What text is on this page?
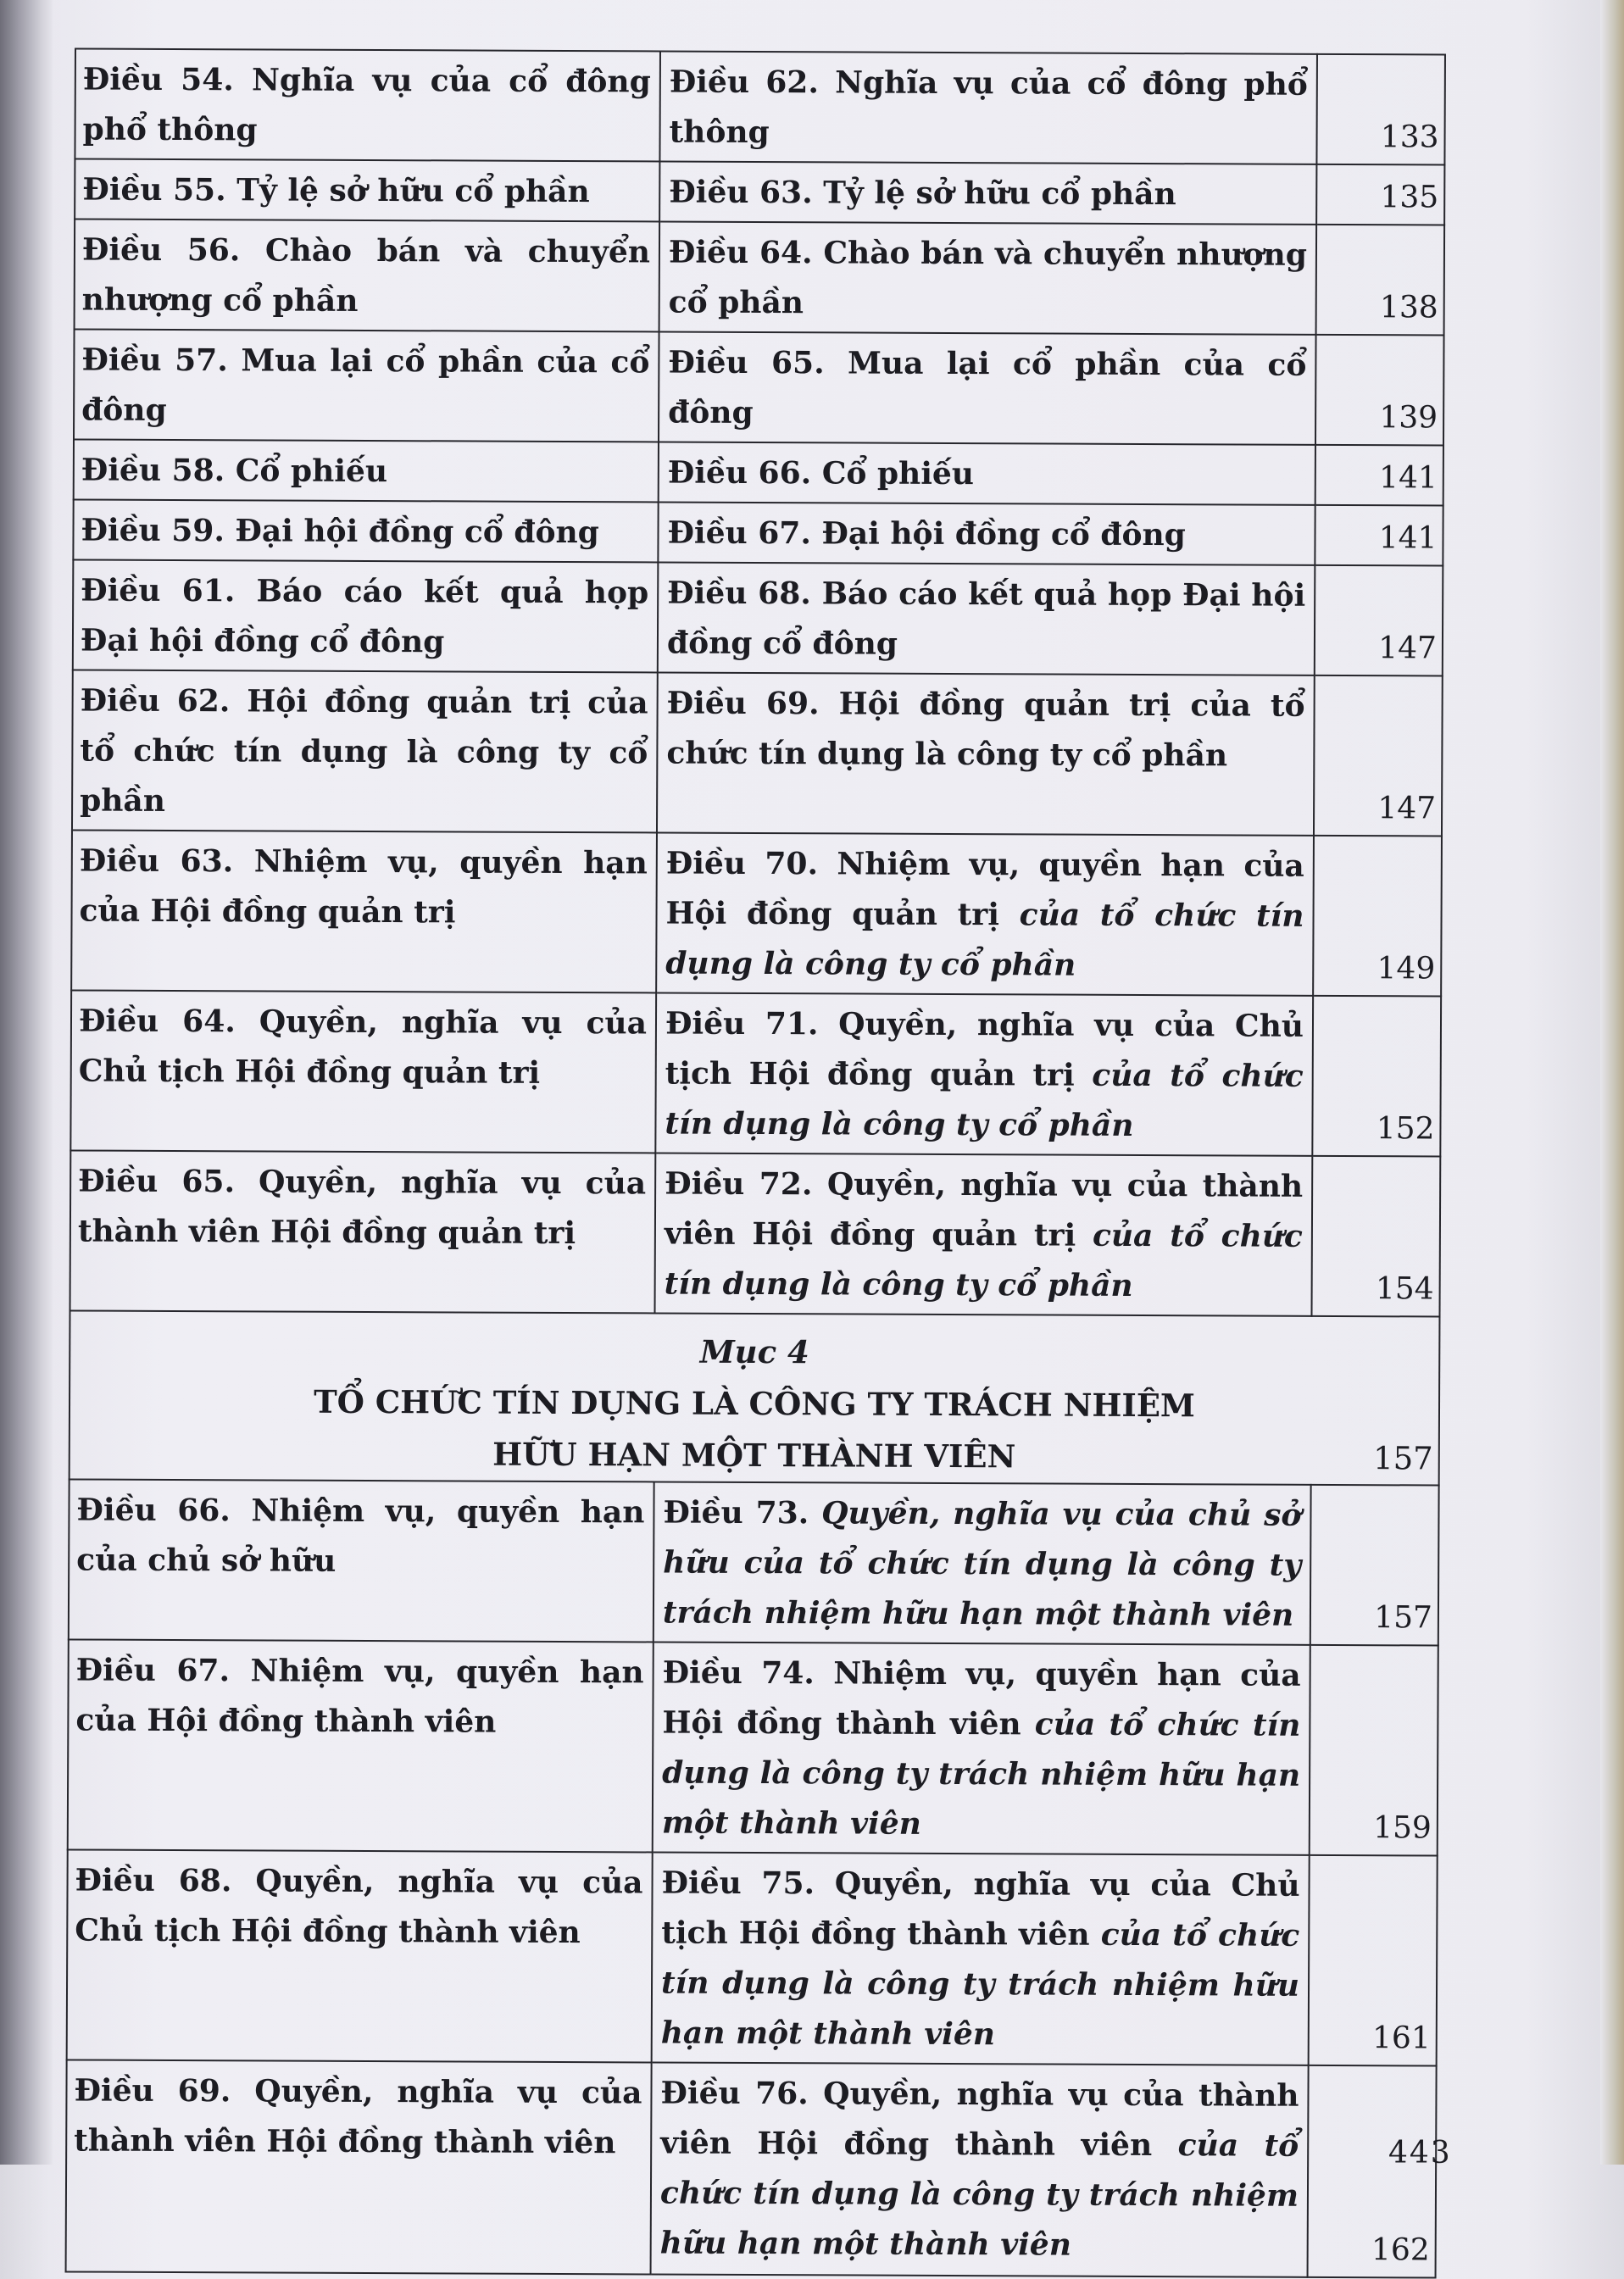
Điều 54. Nghĩa vụ của cổ đông phổ thông	Điều 62. Nghĩa vụ của cổ đông phổ thông	133
Điều 55. Tỷ lệ sở hữu cổ phần	Điều 63. Tỷ lệ sở hữu cổ phần	135
Điều 56. Chào bán và chuyển nhượng cổ phần	Điều 64. Chào bán và chuyển nhượng cổ phần	138
Điều 57. Mua lại cổ phần của cổ đông	Điều 65. Mua lại cổ phần của cổ đông	139
Điều 58. Cổ phiếu	Điều 66. Cổ phiếu	141
Điều 59. Đại hội đồng cổ đông	Điều 67. Đại hội đồng cổ đông	141
Điều 61. Báo cáo kết quả họp Đại hội đồng cổ đông	Điều 68. Báo cáo kết quả họp Đại hội đồng cổ đông	147
Điều 62. Hội đồng quản trị của tổ chức tín dụng là công ty cổ phần	Điều 69. Hội đồng quản trị của tổ chức tín dụng là công ty cổ phần	147
Điều 63. Nhiệm vụ, quyền hạn của Hội đồng quản trị	Điều 70. Nhiệm vụ, quyền hạn của Hội đồng quản trị của tổ chức tín dụng là công ty cổ phần	149
Điều 64. Quyền, nghĩa vụ của Chủ tịch Hội đồng quản trị	Điều 71. Quyền, nghĩa vụ của Chủ tịch Hội đồng quản trị của tổ chức tín dụng là công ty cổ phần	152
Điều 65. Quyền, nghĩa vụ của thành viên Hội đồng quản trị	Điều 72. Quyền, nghĩa vụ của thành viên Hội đồng quản trị của tổ chức tín dụng là công ty cổ phần	154

Mục 4
TỔ CHỨC TÍN DỤNG LÀ CÔNG TY TRÁCH NHIỆM
HỮU HẠN MỘT THÀNH VIÊN 157		

Điều 66. Nhiệm vụ, quyền hạn của chủ sở hữu	Điều 73. Quyền, nghĩa vụ của chủ sở hữu của tổ chức tín dụng là công ty trách nhiệm hữu hạn một thành viên	157
Điều 67. Nhiệm vụ, quyền hạn của Hội đồng thành viên	Điều 74. Nhiệm vụ, quyền hạn của Hội đồng thành viên của tổ chức tín dụng là công ty trách nhiệm hữu hạn một thành viên	159
Điều 68. Quyền, nghĩa vụ của Chủ tịch Hội đồng thành viên	Điều 75. Quyền, nghĩa vụ của Chủ tịch Hội đồng thành viên của tổ chức tín dụng là công ty trách nhiệm hữu hạn một thành viên	161
Điều 69. Quyền, nghĩa vụ của thành viên Hội đồng thành viên	Điều 76. Quyền, nghĩa vụ của thành viên Hội đồng thành viên của tổ chức tín dụng là công ty trách nhiệm hữu hạn một thành viên	162
443
